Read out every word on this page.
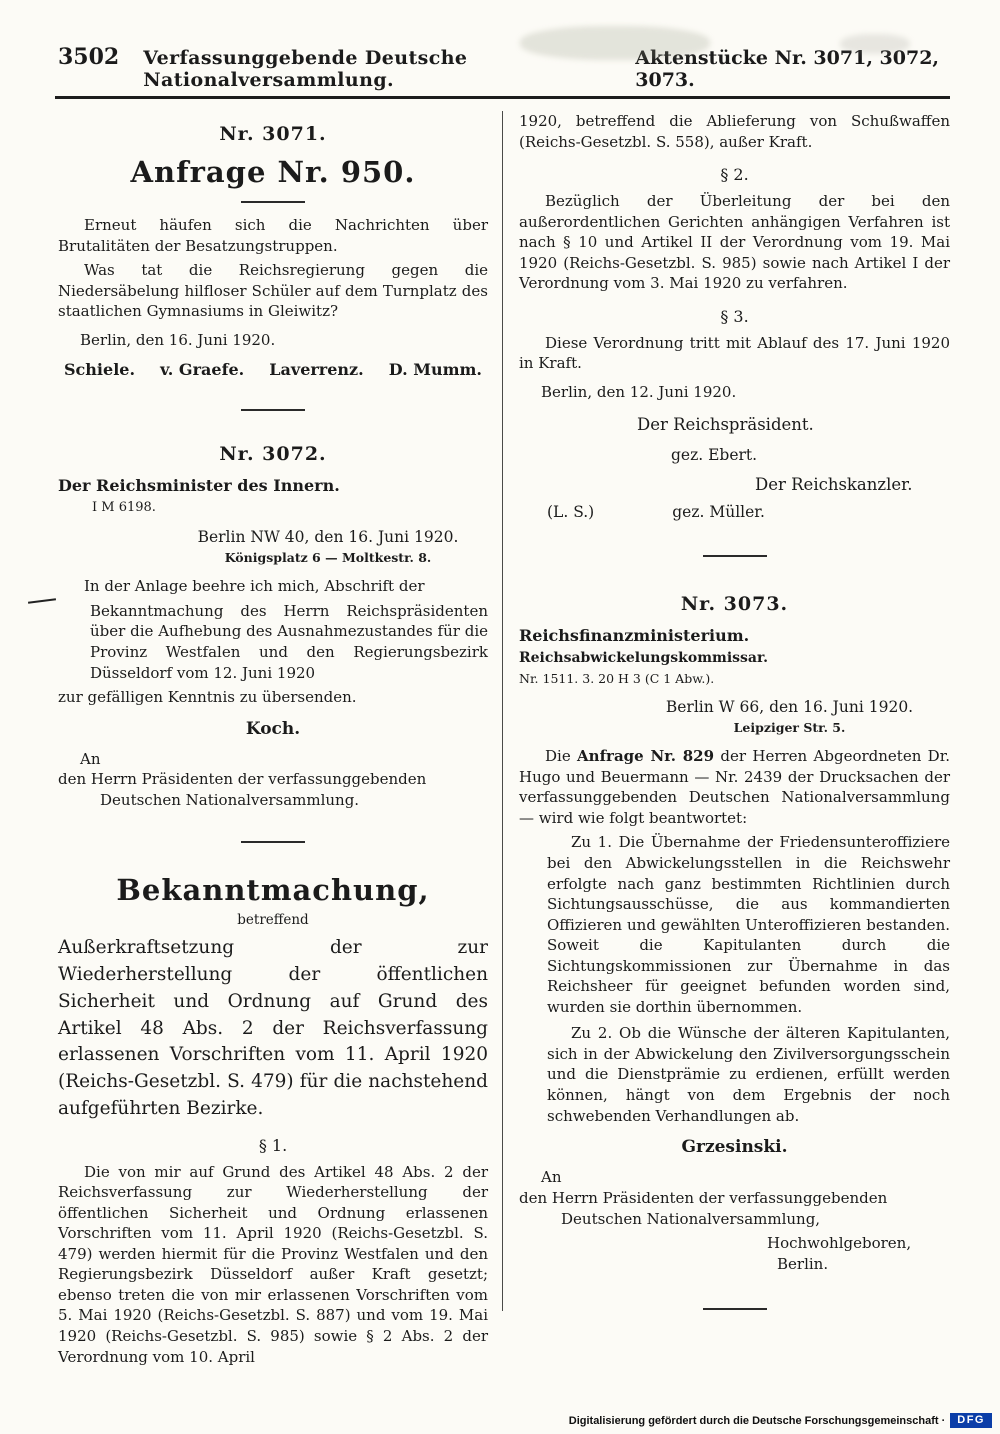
3502 Verfassunggebende Deutsche Nationalversammlung.
Aktenstücke Nr. 3071, 3072, 3073.

Nr. 3071.

Anfrage Nr. 950.

Erneut häufen sich die Nachrichten über Brutalitäten der Besatzungstruppen.

Was tat die Reichsregierung gegen die Niedersäbelung hilfloser Schüler auf dem Turnplatz des staatlichen Gymnasiums in Gleiwitz?

Berlin, den 16. Juni 1920.

Schiele. v. Graefe. Laverrenz. D. Mumm.

Nr. 3072.

Der Reichsminister des Innern.

I M 6198.

Berlin NW 40, den 16. Juni 1920.

Königsplatz 6 — Moltkestr. 8.

In der Anlage beehre ich mich, Abschrift der

Bekanntmachung des Herrn Reichspräsidenten über die Aufhebung des Ausnahmezustandes für die Provinz Westfalen und den Regierungsbezirk Düsseldorf vom 12. Juni 1920

zur gefälligen Kenntnis zu übersenden.

Koch.

An

den Herrn Präsidenten der verfassunggebenden

Deutschen Nationalversammlung.

Bekanntmachung,

betreffend

Außerkraftsetzung der zur Wiederherstellung der öffentlichen Sicherheit und Ordnung auf Grund des Artikel 48 Abs. 2 der Reichsverfassung erlassenen Vorschriften vom 11. April 1920 (Reichs-Gesetzbl. S. 479) für die nachstehend aufgeführten Bezirke.

§ 1.

Die von mir auf Grund des Artikel 48 Abs. 2 der Reichsverfassung zur Wiederherstellung der öffentlichen Sicherheit und Ordnung erlassenen Vorschriften vom 11. April 1920 (Reichs-Gesetzbl. S. 479) werden hiermit für die Provinz Westfalen und den Regierungsbezirk Düsseldorf außer Kraft gesetzt; ebenso treten die von mir erlassenen Vorschriften vom 5. Mai 1920 (Reichs-Gesetzbl. S. 887) und vom 19. Mai 1920 (Reichs-Gesetzbl. S. 985) sowie § 2 Abs. 2 der Verordnung vom 10. April

1920, betreffend die Ablieferung von Schußwaffen (Reichs-Gesetzbl. S. 558), außer Kraft.

§ 2.

Bezüglich der Überleitung der bei den außerordentlichen Gerichten anhängigen Verfahren ist nach § 10 und Artikel II der Verordnung vom 19. Mai 1920 (Reichs-Gesetzbl. S. 985) sowie nach Artikel I der Verordnung vom 3. Mai 1920 zu verfahren.

§ 3.

Diese Verordnung tritt mit Ablauf des 17. Juni 1920 in Kraft.

Berlin, den 12. Juni 1920.

Der Reichspräsident.

gez. Ebert.

Der Reichskanzler.

(L. S.)	gez. Müller.

Nr. 3073.

Reichsfinanzministerium.

Reichsabwickelungskommissar.

Nr. 1511. 3. 20 H 3 (C 1 Abw.).

Berlin W 66, den 16. Juni 1920.

Leipziger Str. 5.

Die Anfrage Nr. 829 der Herren Abgeordneten Dr. Hugo und Beuermann — Nr. 2439 der Drucksachen der verfassunggebenden Deutschen Nationalversammlung — wird wie folgt beantwortet:

Zu 1. Die Übernahme der Friedensunteroffiziere bei den Abwickelungsstellen in die Reichswehr erfolgte nach ganz bestimmten Richtlinien durch Sichtungsausschüsse, die aus kommandierten Offizieren und gewählten Unteroffizieren bestanden. Soweit die Kapitulanten durch die Sichtungskommissionen zur Übernahme in das Reichsheer für geeignet befunden worden sind, wurden sie dorthin übernommen.

Zu 2. Ob die Wünsche der älteren Kapitulanten, sich in der Abwickelung den Zivilversorgungsschein und die Dienstprämie zu erdienen, erfüllt werden können, hängt von dem Ergebnis der noch schwebenden Verhandlungen ab.

Grzesinski.

An

den Herrn Präsidenten der verfassunggebenden

Deutschen Nationalversammlung,

Hochwohlgeboren,

Berlin.

Digitalisierung gefördert durch die Deutsche Forschungsgemeinschaft ·	DFG
